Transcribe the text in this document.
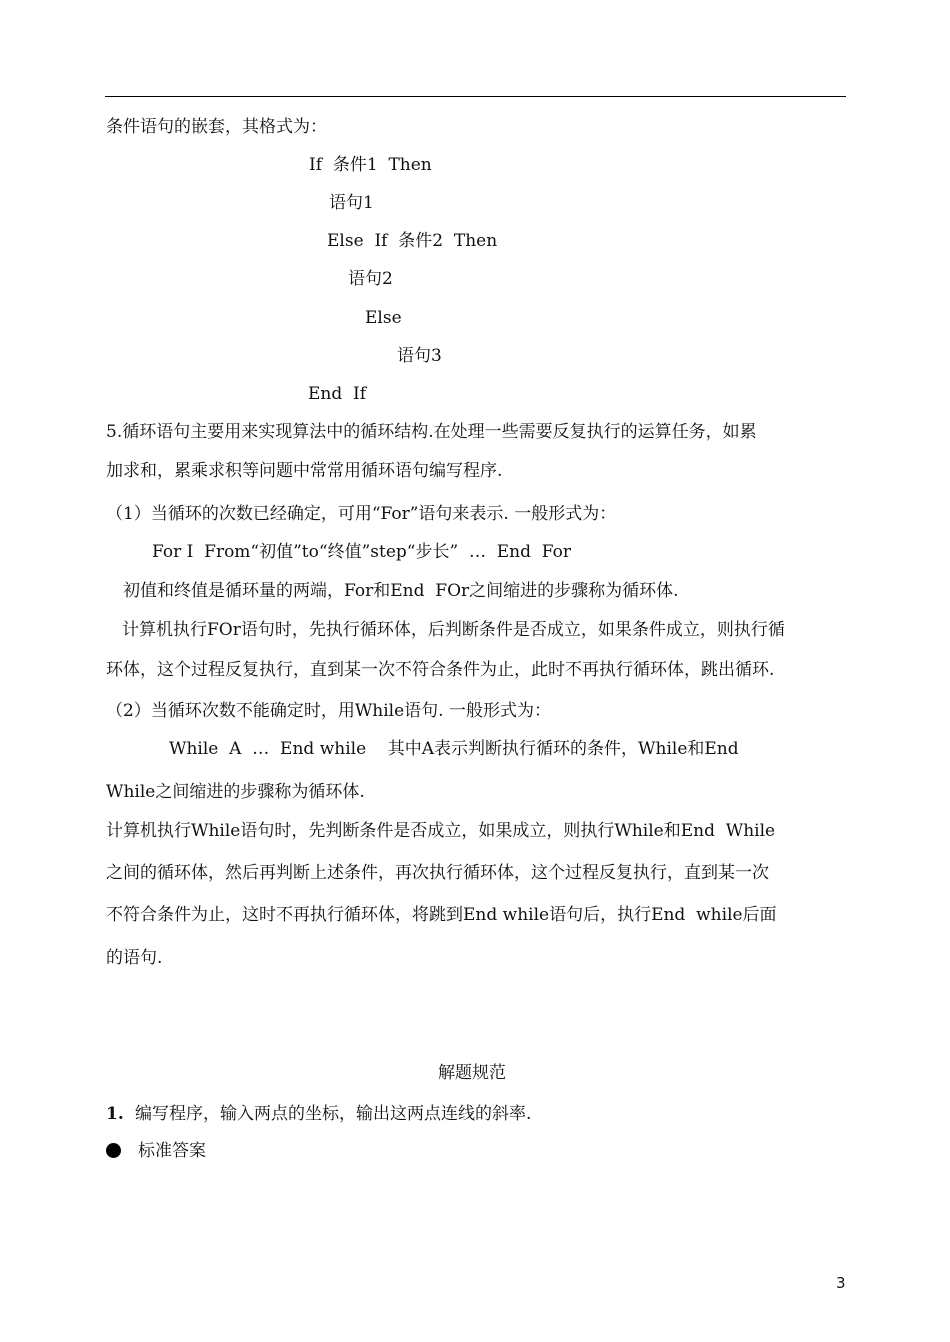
条件语句的嵌套，其格式为：
If  条件1  Then
语句1
Else  If  条件2  Then
语句2
Else
语句3
End  If
5.循环语句主要用来实现算法中的循环结构.在处理一些需要反复执行的运算任务，如累
加求和，累乘求积等问题中常常用循环语句编写程序.
（1）当循环的次数已经确定，可用“For”语句来表示. 一般形式为：
For I  From“初值”to“终值”step“步长”  …  End  For
初值和终值是循环量的两端，For和End  FOr之间缩进的步骤称为循环体.
计算机执行FOr语句时，先执行循环体，后判断条件是否成立，如果条件成立，则执行循
环体，这个过程反复执行，直到某一次不符合条件为止，此时不再执行循环体，跳出循环.
（2）当循环次数不能确定时，用While语句. 一般形式为：
While  A  …  End while    其中A表示判断执行循环的条件，While和End
While之间缩进的步骤称为循环体.
计算机执行While语句时，先判断条件是否成立，如果成立，则执行While和End  While
之间的循环体，然后再判断上述条件，再次执行循环体，这个过程反复执行，直到某一次
不符合条件为止，这时不再执行循环体，将跳到End while语句后，执行End  while后面
的语句.
解题规范
1. 编写程序，输入两点的坐标，输出这两点连线的斜率.
标准答案
3
